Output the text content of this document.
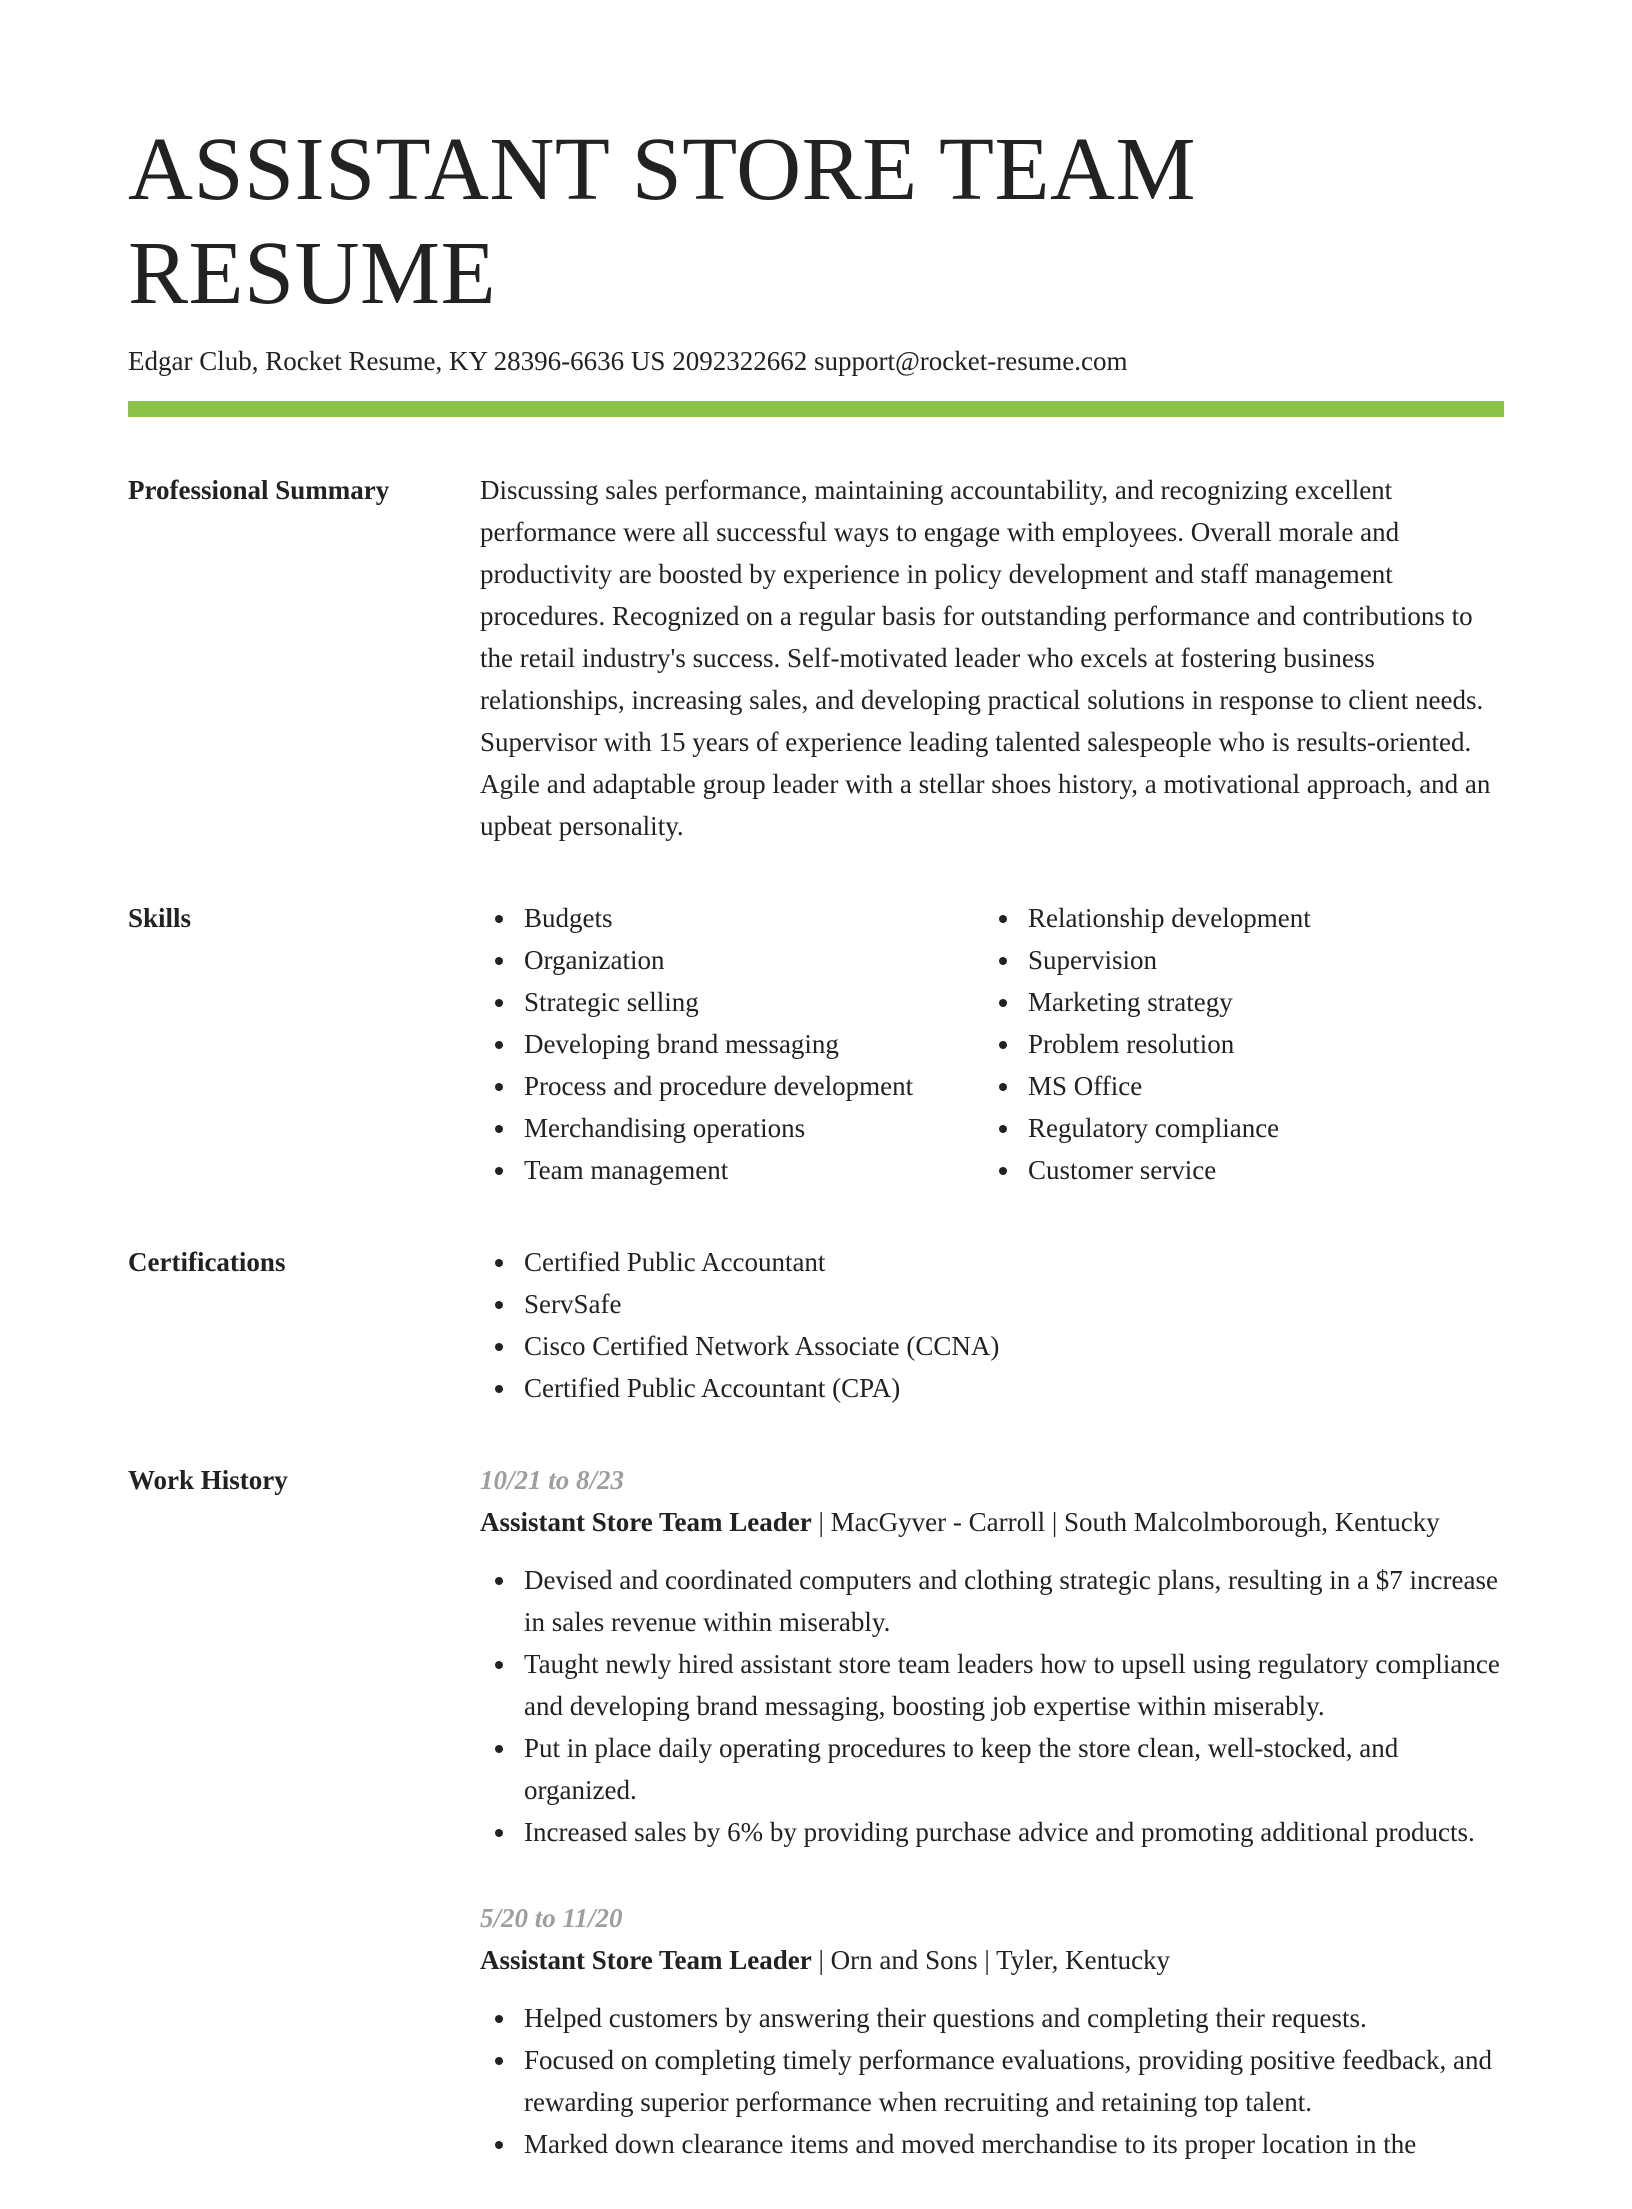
ASSISTANT STORE TEAM RESUME
Edgar Club, Rocket Resume, KY 28396-6636 US 2092322662 support@rocket-resume.com
Professional Summary	Discussing sales performance, maintaining accountability, and recognizing excellent performance were all successful ways to engage with employees. Overall morale and productivity are boosted by experience in policy development and staff management procedures. Recognized on a regular basis for outstanding performance and contributions to the retail industry's success. Self-motivated leader who excels at fostering business relationships, increasing sales, and developing practical solutions in response to client needs. Supervisor with 15 years of experience leading talented salespeople who is results-oriented. Agile and adaptable group leader with a stellar shoes history, a motivational approach, and an upbeat personality.

Skills	Budgets
Organization
Strategic selling
Developing brand messaging
Process and procedure development
Merchandising operations
Team management
Relationship development
Supervision
Marketing strategy
Problem resolution
MS Office
Regulatory compliance
Customer service
Certifications	Certified Public Accountant
ServSafe
Cisco Certified Network Associate (CCNA)
Certified Public Accountant (CPA)
Work History	10/21 to 8/23
Assistant Store Team Leader | MacGyver - Carroll | South Malcolmborough, Kentucky
Devised and coordinated computers and clothing strategic plans, resulting in a $7 increase in sales revenue within miserably.
Taught newly hired assistant store team leaders how to upsell using regulatory compliance and developing brand messaging, boosting job expertise within miserably.
Put in place daily operating procedures to keep the store clean, well-stocked, and organized.
Increased sales by 6% by providing purchase advice and promoting additional products.
5/20 to 11/20
Assistant Store Team Leader | Orn and Sons | Tyler, Kentucky
Helped customers by answering their questions and completing their requests.
Focused on completing timely performance evaluations, providing positive feedback, and rewarding superior performance when recruiting and retaining top talent.
Marked down clearance items and moved merchandise to its proper location in the
